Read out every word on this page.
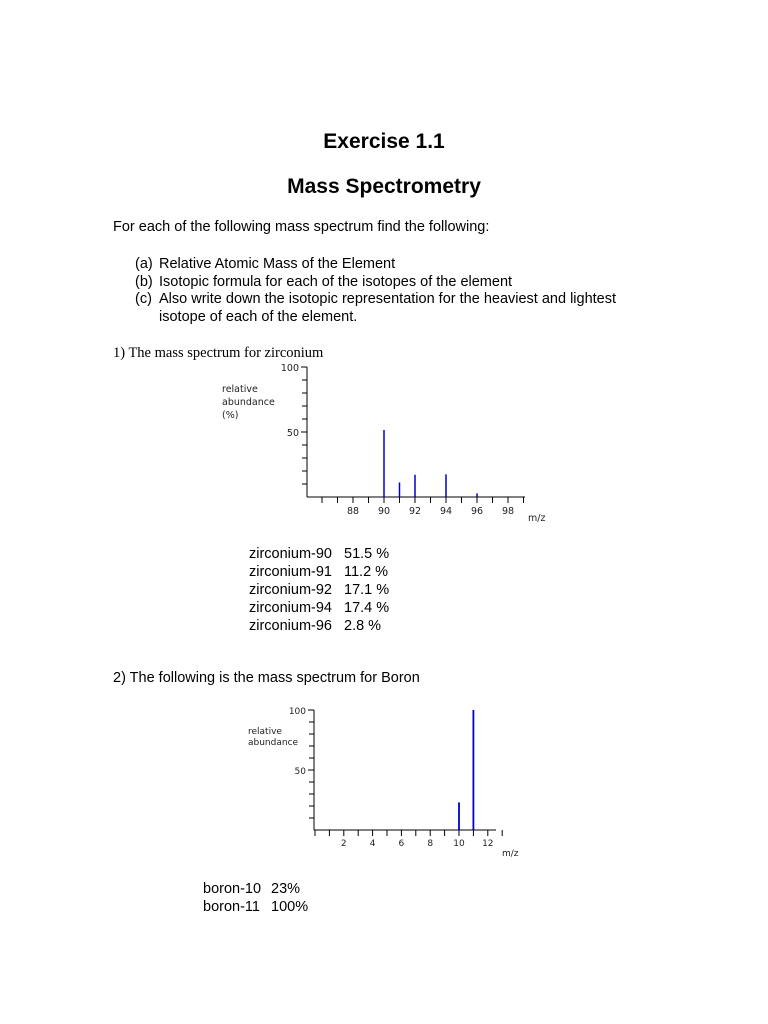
Exercise 1.1
Mass Spectrometry
For each of the following mass spectrum find the following:
(a) Relative Atomic Mass of the Element
(b) Isotopic formula for each of the isotopes of the element
(c) Also write down the isotopic representation for the heaviest and lightest
isotope of each of the element.
1) The mass spectrum for zirconium
100
50
88 90 92 94 96 98
m/z
relative
abundance
(%)
100
50
2	4	6	8 10 12
m/z
relative
abundance
zirconium-90 51.5 %
zirconium-91 11.2 %
zirconium-92 17.1 %
zirconium-94 17.4 %
zirconium-96 2.8 %
2) The following is the mass spectrum for Boron
boron-10 23%
boron-11 100%
